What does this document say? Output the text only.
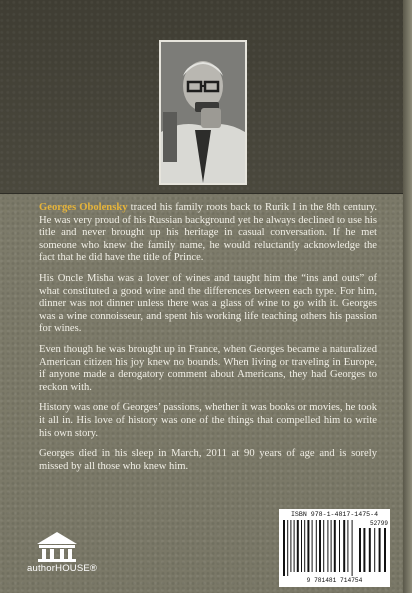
Georges Obolensky traced his family roots back to Rurik I in the 8th century. He was very proud of his Russian background yet he always declined to use his title and never brought up his heritage in casual conversation. If he met someone who knew the family name, he would reluctantly acknowledge the fact that he did have the title of Prince.

His Oncle Misha was a lover of wines and taught him the “ins and outs” of what constituted a good wine and the differences between each type. For him, dinner was not dinner unless there was a glass of wine to go with it. Georges was a wine connoisseur, and spent his working life teaching others his passion for wines.

Even though he was brought up in France, when Georges became a naturalized American citizen his joy knew no bounds. When living or traveling in Europe, if anyone made a derogatory comment about Americans, they had Georges to reckon with.

History was one of Georges’ passions, whether it was books or movies, he took it all in. His love of history was one of the things that compelled him to write his own story.

Georges died in his sleep in March, 2011 at 90 years of age and is sorely missed by all those who knew him.

authorHOUSE®
ISBN 978-1-4817-1475-4
52799
9 781481 714754
